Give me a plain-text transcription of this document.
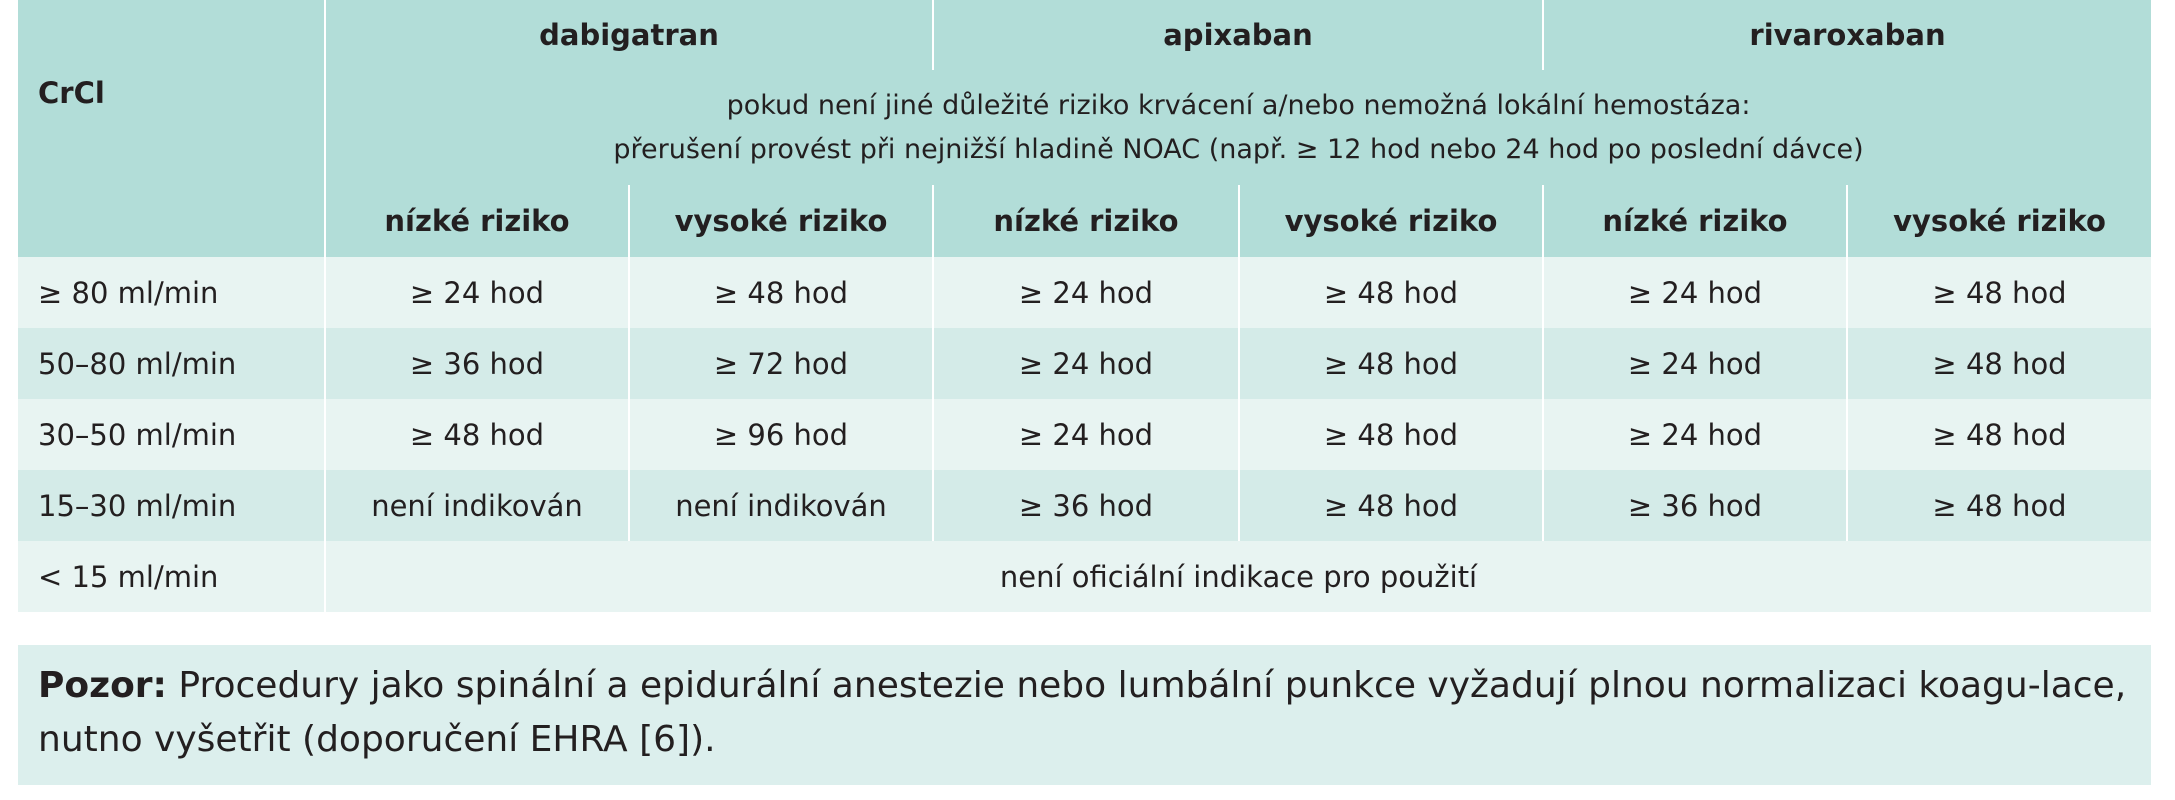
CrCl	dabigatran		apixaban		rivaroxaban	

	pokud není jiné důležité riziko krvácení a/nebo nemožná lokální hemostáza:
přerušení provést při nejnižší hladině NOAC (např. ≥ 12 hod nebo 24 hod po poslední dávce)					

	nízké riziko	vysoké riziko	nízké riziko	vysoké riziko	nízké riziko	vysoké riziko
≥ 80 ml/min	≥ 24 hod	≥ 48 hod	≥ 24 hod	≥ 48 hod	≥ 24 hod	≥ 48 hod
50–80 ml/min	≥ 36 hod	≥ 72 hod	≥ 24 hod	≥ 48 hod	≥ 24 hod	≥ 48 hod
30–50 ml/min	≥ 48 hod	≥ 96 hod	≥ 24 hod	≥ 48 hod	≥ 24 hod	≥ 48 hod
15–30 ml/min	není indikován	není indikován	≥ 36 hod	≥ 48 hod	≥ 36 hod	≥ 48 hod
< 15 ml/min	není oficiální indikace pro použití					

Pozor: Procedury jako spinální a epidurální anestezie nebo lumbální punkce vyžadují plnou normalizaci koagu-lace, nutno vyšetřit (doporučení EHRA [6]).
